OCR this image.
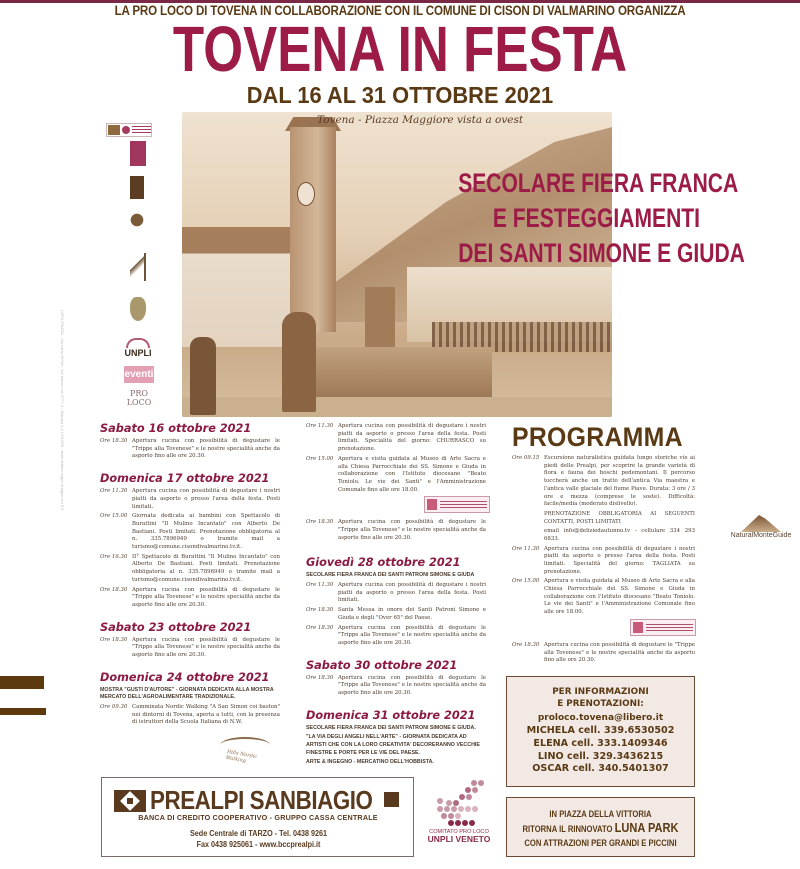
LA PRO LOCO DI TOVENA IN COLLABORAZIONE CON IL COMUNE DI CISON DI VALMARINO ORGANIZZA
TOVENA IN FESTA
DAL 16 AL 31 OTTOBRE 2021
UNPLI
eventi
PRO LOCO
LATO PIAZZA - f.to carta 60*48 - f.to bianco cm 57*7,4 - Stampa a 2 COLORI - testo lettera segni di taglio cm 6,5
Tovena - Piazza Maggiore vista a ovest
SECOLARE FIERA FRANCA
E FESTEGGIAMENTI
DEI SANTI SIMONE E GIUDA
Sabato 16 ottobre 2021
Ore 18.30 Apertura cucina con possibilità di degustare le "Trippe alla Tovenese" e le nostre specialità anche da asporto fino alle ore 20.30.
Domenica 17 ottobre 2021
Ore 11.30 Apertura cucina con possibilità di degustare i nostri piatti da asporto o presso l'area della festa. Posti limitati.
Ore 15.00 Giornata dedicata ai bambini con Spettacolo di Burattini "Il Mulino Incantato" con Alberto De Bastiani. Posti limitati. Prenotazione obbligatoria al n. 335.7896949 o tramite mail a turismo@comune.cisondivalmarino.tv.it.
Ore 16.30 II° Spettacolo di Burattini "Il Mulino Incantato" con Alberto De Bastiani. Posti limitati. Prenotazione obbligatoria al n. 335.7896949 o tramite mail a turismo@comune.cisondivalmarino.tv.it.
Ore 18.30 Apertura cucina con possibilità di degustare le "Trippe alla Tovenese" e le nostre specialità anche da asporto fino alle ore 20.30.
Sabato 23 ottobre 2021
Ore 18.30 Apertura cucina con possibilità di degustare le "Trippe alla Tovenese" e le nostre specialità anche da asporto fino alle ore 20.30.
Domenica 24 ottobre 2021
MOSTRA "GUSTI D'AUTORE" - GIORNATA DEDICATA ALLA MOSTRA MERCATO DELL'AGROALIMENTARE TRADIZIONALE.
Ore 09.30 Camminata Nordic Walking "A San Simon coi baston" nei dintorni di Tovena, aperta a tutti, con la presenza di istruttori della Scuola Italiana di N.W.
Hills Nordic Walking
Ore 11.30 Apertura cucina con possibilità di degustare i nostri piatti da asporto o presso l'area della festa. Posti limitati. Specialità del giorno: CHURRASCO su prenotazione.
Ore 15.00 Apertura e visita guidata al Museo di Arte Sacra e alla Chiesa Parrocchiale dei SS. Simone e Giuda in collaborazione con l'Istituto diocesano "Beato Toniolo. Le vie dei Santi" e l'Amministrazione Comunale fino alle ore 18.00.
Ore 18.30 Apertura cucina con possibilità di degustare le "Trippe alla Tovenese" e le nostre specialità anche da asporto fino alle ore 20.30.
Giovedì 28 ottobre 2021
SECOLARE FIERA FRANCA DEI SANTI PATRONI SIMONE E GIUDA
Ore 11.30 Apertura cucina con possibilità di degustare i nostri piatti da asporto o presso l'area della festa. Posti limitati.
Ore 18.30 Santa Messa in onore dei Santi Patroni Simone e Giuda e degli "Over 65" del Paese.
Ore 18.30 Apertura cucina con possibilità di degustare le "Trippe alla Tovenese" e le nostre specialità anche da asporto fino alle ore 20.30.
Sabato 30 ottobre 2021
Ore 18.30 Apertura cucina con possibilità di degustare le "Trippe alla Tovenese" e le nostre specialità anche da asporto fino alle ore 20.30.
Domenica 31 ottobre 2021
SECOLARE FIERA FRANCA DEI SANTI PATRONI SIMONE E GIUDA.
"LA VIA DEGLI ANGELI NELL'ARTE" - GIORNATA DEDICATA AD ARTISTI CHE CON LA LORO CREATIVITA' DECORERANNO VECCHIE FINESTRE E PORTE PER LE VIE DEL PAESE.
ARTE & INGEGNO - MERCATINO DELL'HOBBISTA.
PROGRAMMA
Ore 09.15 Escursione naturalistica guidata lungo storiche vie ai piedi delle Prealpi, per scoprire la grande varietà di flora e fauna dei boschi pedemontani. Il percorso toccherà anche un tratto dell'antica Via maestra e l'antica valle glaciale del fiume Piave. Durata: 3 ore / 3 ore e mezza (comprese le soste). Difficoltà: facile/media (moderato dislivello).
PRENOTAZIONE OBBLIGATORIA AI SEGUENTI CONTATTI, POSTI LIMITATI
email info@deliziedautunno.tv - cellulare 334 293 6833.
Ore 11.30 Apertura cucina con possibilità di degustare i nostri piatti da asporto o presso l'area della festa. Posti limitati. Specialità del giorno: TAGLIATA su prenotazione.
Ore 15.00 Apertura e visita guidata al Museo di Arte Sacra e alla Chiesa Parrocchiale dei SS. Simone e Giuda in collaborazione con l'Istituto diocesano "Beato Toniolo. Le vie dei Santi" e l'Amministrazione Comunale fino alle ore 18.00.
Ore 18.30 Apertura cucina con possibilità di degustare le "Trippe alla Tovenese" e le nostre specialità anche da asporto fino alle ore 20.30.
NaturalMonteGuide
PER INFORMAZIONI
E PRENOTAZIONI:
proloco.tovena@libero.it
MICHELA cell. 339.6530502
ELENA cell. 333.1409346
LINO cell. 329.3436215
OSCAR cell. 340.5401307
IN PIAZZA DELLA VITTORIA
RITORNA IL RINNOVATO LUNA PARK
CON ATTRAZIONI PER GRANDI E PICCINI
PREALPI SANBIAGIO
BANCA DI CREDITO COOPERATIVO - GRUPPO CASSA CENTRALE
Sede Centrale di TARZO - Tel. 0438 9261
Fax 0438 925061 - www.bccprealpi.it
COMITATO PRO LOCO
UNPLI VENETO
